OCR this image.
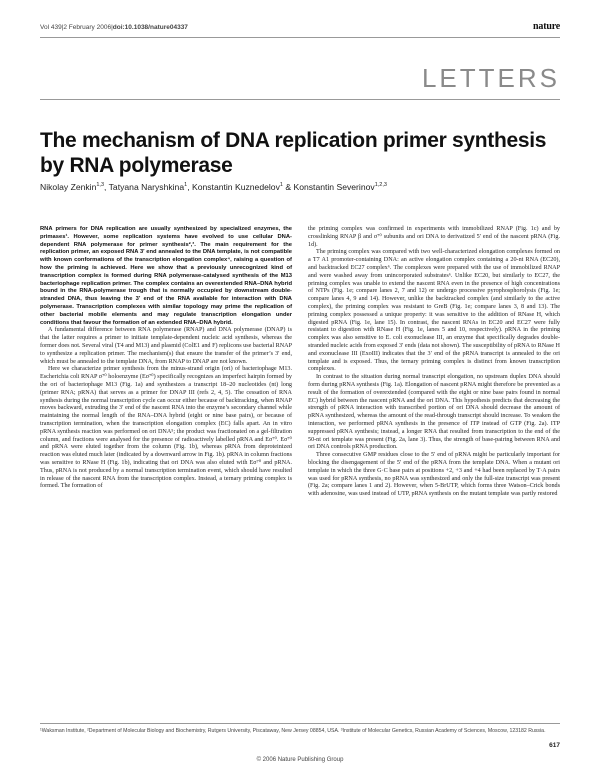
Vol 439|2 February 2006|doi:10.1038/nature04337	nature
LETTERS
The mechanism of DNA replication primer synthesis by RNA polymerase
Nikolay Zenkin$^{1,3}$, Tatyana Naryshkina$^1$, Konstantin Kuznedelov$^1$ & Konstantin Severinov$^{1,2,3}$

RNA primers for DNA replication are usually synthesized by specialized enzymes, the primases¹. However, some replication systems have evolved to use cellular DNA-dependent RNA polymerase for primer synthesis²,³. The main requirement for the replication primer, an exposed RNA 3′ end annealed to the DNA template, is not compatible with known conformations of the transcription elongation complex⁴, raising a question of how the priming is achieved. Here we show that a previously unrecognized kind of transcription complex is formed during RNA polymerase-catalysed synthesis of the M13 bacteriophage replication primer. The complex contains an overextended RNA–DNA hybrid bound in the RNA-polymerase trough that is normally occupied by downstream double-stranded DNA, thus leaving the 3′ end of the RNA available for interaction with DNA polymerase. Transcription complexes with similar topology may prime the replication of other bacterial mobile elements and may regulate transcription elongation under conditions that favour the formation of an extended RNA–DNA hybrid.

A fundamental difference between RNA polymerase (RNAP) and DNA polymerase (DNAP) is that the latter requires a primer to initiate template-dependent nucleic acid synthesis, whereas the former does not. Several viral (T4 and M13) and plasmid (ColE1 and F) replicons use bacterial RNAP to synthesize a replication primer. The mechanism(s) that ensure the transfer of the primer’s 3′ end, which must be annealed to the template DNA, from RNAP to DNAP are not known.

Here we characterize primer synthesis from the minus-strand origin (ori) of bacteriophage M13. Escherichia coli RNAP σ⁷⁰ holoenzyme (Eσ⁷⁰) specifically recognizes an imperfect hairpin formed by the ori of bacteriophage M13 (Fig. 1a) and synthesizes a transcript 18–20 nucleotides (nt) long (primer RNA; pRNA) that serves as a primer for DNAP III (refs 2, 4, 5). The cessation of RNA synthesis during the normal transcription cycle can occur either because of backtracking, when RNAP moves backward, extruding the 3′ end of the nascent RNA into the enzyme’s secondary channel while maintaining the normal length of the RNA–DNA hybrid (eight or nine base pairs), or because of transcription termination, when the transcription elongation complex (EC) falls apart. An in vitro pRNA synthesis reaction was performed on ori DNA⁵; the product was fractionated on a gel-filtration column, and fractions were analysed for the presence of radioactively labelled pRNA and Eσ⁷⁰. Eσ⁷⁰ and pRNA were eluted together from the column (Fig. 1b), whereas pRNA from deproteinized reaction was eluted much later (indicated by a downward arrow in Fig. 1b). pRNA in column fractions was sensitive to RNase H (Fig. 1b), indicating that ori DNA was also eluted with Eσ⁷⁰ and pRNA. Thus, pRNA is not produced by a normal transcription termination event, which should have resulted in release of the nascent RNA from the transcription complex. Instead, a ternary priming complex is formed. The formation of

the priming complex was confirmed in experiments with immobilized RNAP (Fig. 1c) and by crosslinking RNAP β and σ⁷⁰ subunits and ori DNA to derivatized 5′ end of the nascent pRNA (Fig. 1d).

The priming complex was compared with two well-characterized elongation complexes formed on a T7 A1 promoter-containing DNA: an active elongation complex containing a 20-nt RNA (EC20), and backtracked EC27 complex⁶. The complexes were prepared with the use of immobilized RNAP and were washed away from unincorporated substrates⁶. Unlike EC20, but similarly to EC27, the priming complex was unable to extend the nascent RNA even in the presence of high concentrations of NTPs (Fig. 1e; compare lanes 2, 7 and 12) or undergo processive pyrophosphorolysis (Fig. 1e; compare lanes 4, 9 and 14). However, unlike the backtracked complex (and similarly to the active complex), the priming complex was resistant to GreB (Fig. 1e; compare lanes 3, 8 and 13). The priming complex possessed a unique property: it was sensitive to the addition of RNase H, which digested pRNA (Fig. 1e, lane 15). In contrast, the nascent RNAs in EC20 and EC27 were fully resistant to digestion with RNase H (Fig. 1e, lanes 5 and 10, respectively). pRNA in the priming complex was also sensitive to E. coli exonuclease III, an enzyme that specifically degrades double-stranded nucleic acids from exposed 3′ ends (data not shown). The susceptibility of pRNA to RNase H and exonuclease III (ExoIII) indicates that the 3′ end of the pRNA transcript is annealed to the ori template and is exposed. Thus, the ternary priming complex is distinct from known transcription complexes.

In contrast to the situation during normal transcript elongation, no upstream duplex DNA should form during pRNA synthesis (Fig. 1a). Elongation of nascent pRNA might therefore be prevented as a result of the formation of overextended (compared with the eight or nine base pairs found in normal EC) hybrid between the nascent pRNA and the ori DNA. This hypothesis predicts that decreasing the strength of pRNA interaction with transcribed portion of ori DNA should decrease the amount of pRNA synthesized, whereas the amount of the read-through transcript should increase. To weaken the interaction, we performed pRNA synthesis in the presence of ITP instead of GTP (Fig. 2a). ITP suppressed pRNA synthesis; instead, a longer RNA that resulted from transcription to the end of the 50-nt ori template was present (Fig. 2a, lane 3). Thus, the strength of base-pairing between RNA and ori DNA controls pRNA production.

Three consecutive GMP residues close to the 5′ end of pRNA might be particularly important for blocking the disengagement of the 5′ end of the pRNA from the template DNA. When a mutant ori template in which the three G·C base pairs at positions +2, +3 and +4 had been replaced by T·A pairs was used for pRNA synthesis, no pRNA was synthesized and only the full-size transcript was present (Fig. 2a; compare lanes 1 and 2). However, when 5-BrUTP, which forms three Watson–Crick bonds with adenosine, was used instead of UTP, pRNA synthesis on the mutant template was partly restored

¹Waksman Institute, ²Department of Molecular Biology and Biochemistry, Rutgers University, Piscataway, New Jersey 08854, USA. ³Institute of Molecular Genetics, Russian Academy of Sciences, Moscow, 123182 Russia.
617
© 2006 Nature Publishing Group
